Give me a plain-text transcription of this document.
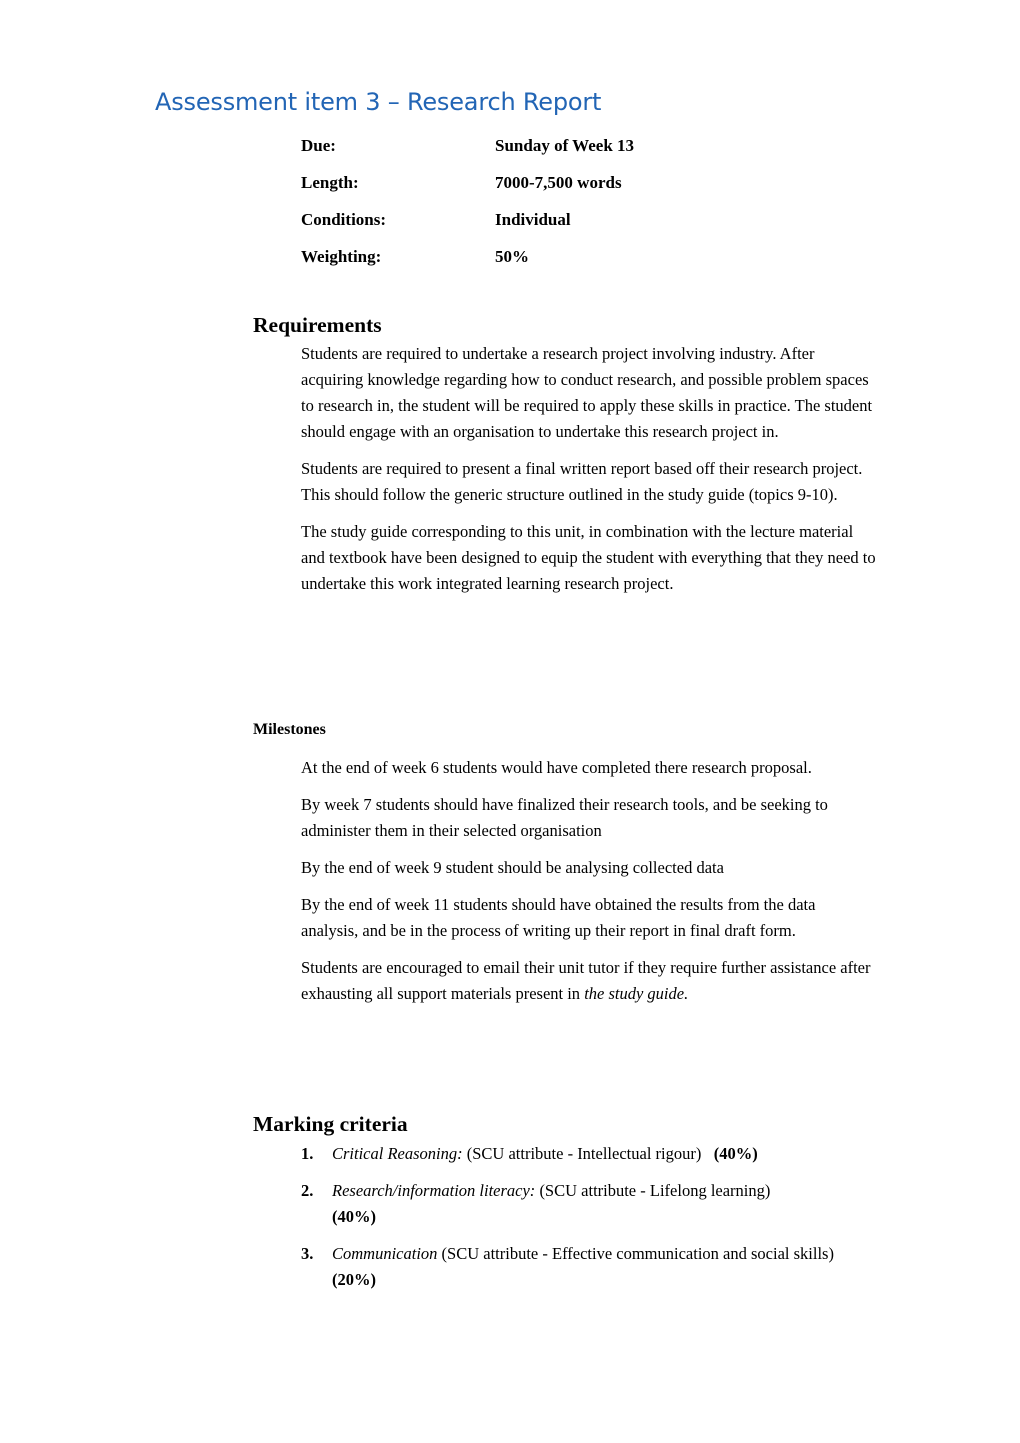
Assessment item 3 – Research Report
Due:	Sunday of Week 13
Length:	7000-7,500 words
Conditions:	Individual
Weighting:	50%
Requirements

Students are required to undertake a research project involving industry. After acquiring knowledge regarding how to conduct research, and possible problem spaces to research in, the student will be required to apply these skills in practice. The student should engage with an organisation to undertake this research project in.

Students are required to present a final written report based off their research project. This should follow the generic structure outlined in the study guide (topics 9-10).

The study guide corresponding to this unit, in combination with the lecture material and textbook have been designed to equip the student with everything that they need to undertake this work integrated learning research project.

Milestones

At the end of week 6 students would have completed there research proposal.

By week 7 students should have finalized their research tools, and be seeking to administer them in their selected organisation

By the end of week 9 student should be analysing collected data

By the end of week 11 students should have obtained the results from the data analysis, and be in the process of writing up their report in final draft form.

Students are encouraged to email their unit tutor if they require further assistance after exhausting all support materials present in the study guide.

Marking criteria
1.	Critical Reasoning: (SCU attribute - Intellectual rigour)   (40%)
2.	Research/information literacy: (SCU attribute - Lifelong learning)
(40%)
3.	Communication (SCU attribute - Effective communication and social skills)  (20%)
